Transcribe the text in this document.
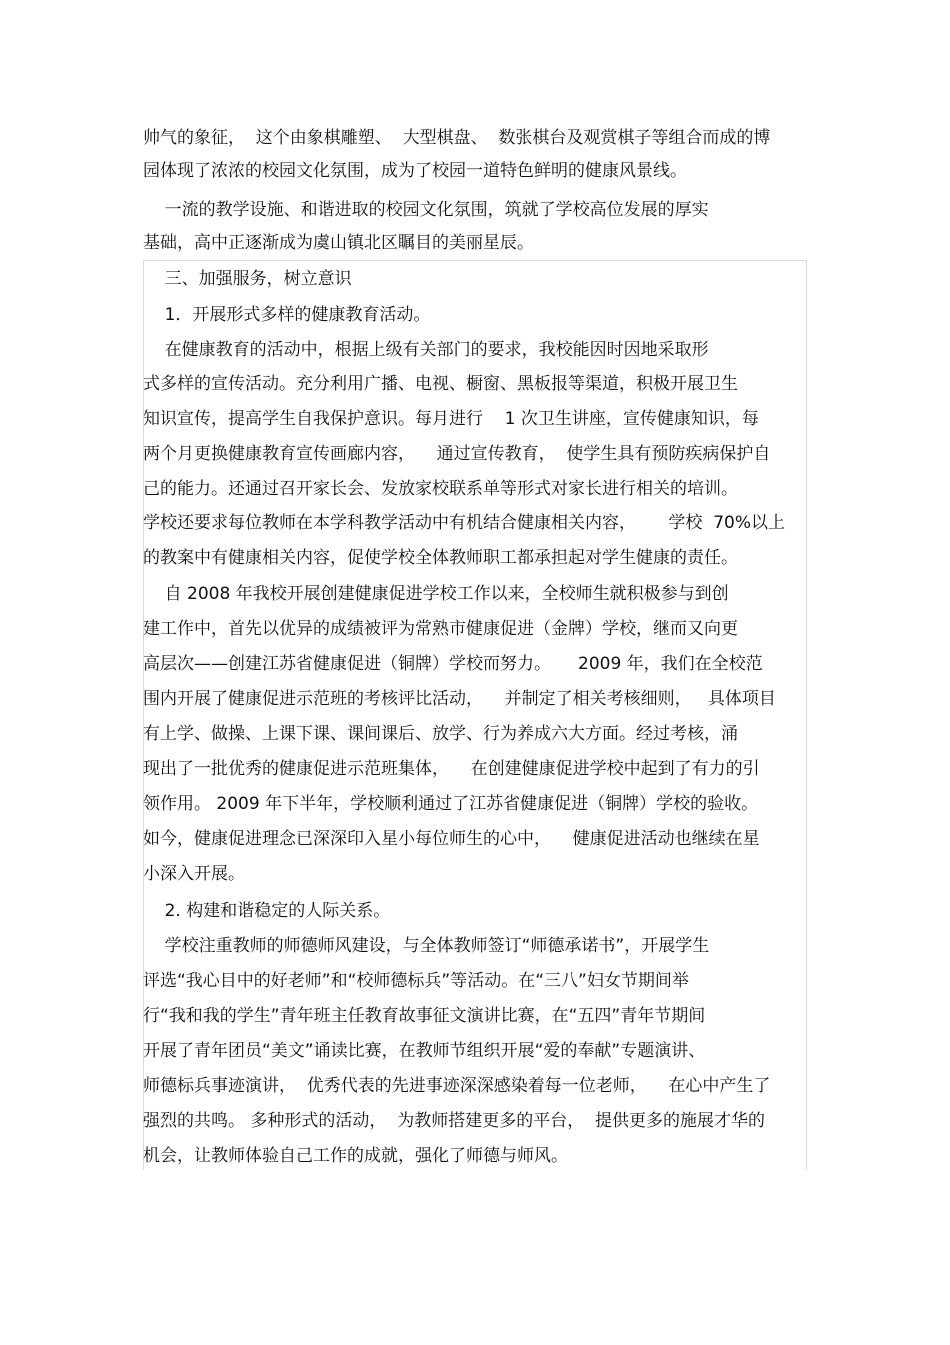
帅气的象征，  这个由象棋雕塑、  大型棋盘、  数张棋台及观赏棋子等组合而成的博

园体现了浓浓的校园文化氛围，成为了校园一道特色鲜明的健康风景线。

一流的教学设施、和谐进取的校园文化氛围，筑就了学校高位发展的厚实

基础，高中正逐渐成为虞山镇北区瞩目的美丽星辰。

三、加强服务，树立意识

1．开展形式多样的健康教育活动。

在健康教育的活动中，根据上级有关部门的要求，我校能因时因地采取形

式多样的宣传活动。充分利用广播、电视、橱窗、黑板报等渠道，积极开展卫生

知识宣传，提高学生自我保护意识。每月进行    1 次卫生讲座，宣传健康知识，每

两个月更换健康教育宣传画廊内容，    通过宣传教育，  使学生具有预防疾病保护自

己的能力。还通过召开家长会、发放家校联系单等形式对家长进行相关的培训。

学校还要求每位教师在本学科教学活动中有机结合健康相关内容，      学校  70%以上

的教案中有健康相关内容，促使学校全体教师职工都承担起对学生健康的责任。

自 2008 年我校开展创建健康促进学校工作以来，全校师生就积极参与到创

建工作中，首先以优异的成绩被评为常熟市健康促进（金牌）学校，继而又向更

高层次——创建江苏省健康促进（铜牌）学校而努力。     2009 年，我们在全校范

围内开展了健康促进示范班的考核评比活动，    并制定了相关考核细则，   具体项目

有上学、做操、上课下课、课间课后、放学、行为养成六大方面。经过考核，涌

现出了一批优秀的健康促进示范班集体，    在创建健康促进学校中起到了有力的引

领作用。 2009 年下半年，学校顺利通过了江苏省健康促进（铜牌）学校的验收。

如今，健康促进理念已深深印入星小每位师生的心中，    健康促进活动也继续在星

小深入开展。

2. 构建和谐稳定的人际关系。

学校注重教师的师德师风建设，与全体教师签订“师德承诺书”，开展学生

评选“我心目中的好老师”和“校师德标兵”等活动。在“三八”妇女节期间举

行“我和我的学生”青年班主任教育故事征文演讲比赛，在“五四”青年节期间

开展了青年团员“美文”诵读比赛，在教师节组织开展“爱的奉献”专题演讲、

师德标兵事迹演讲，  优秀代表的先进事迹深深感染着每一位老师，    在心中产生了

强烈的共鸣。 多种形式的活动，  为教师搭建更多的平台，  提供更多的施展才华的

机会，让教师体验自己工作的成就，强化了师德与师风。
